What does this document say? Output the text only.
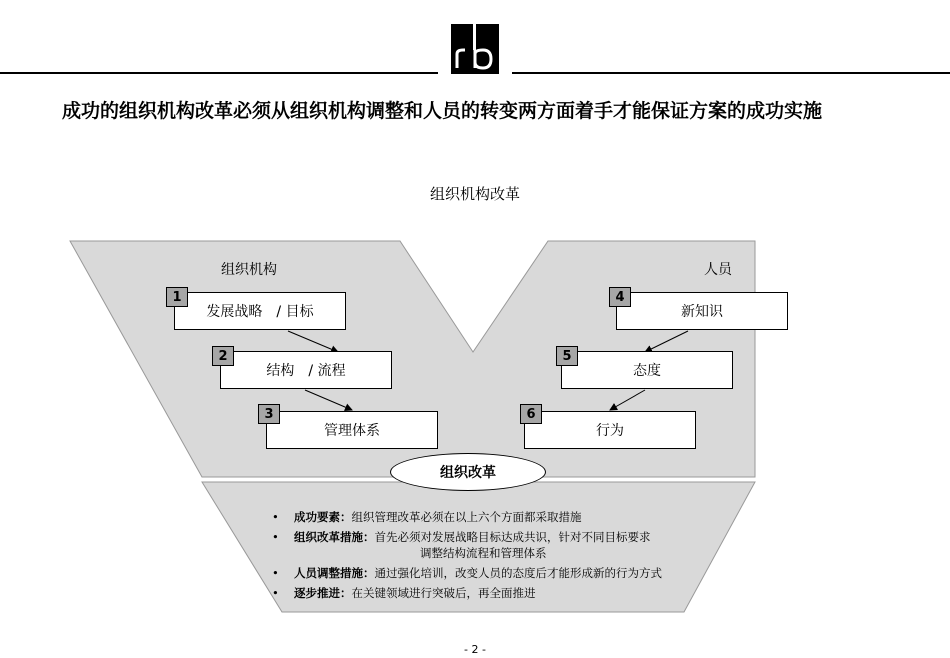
成功的组织机构改革必须从组织机构调整和人员的转变两方面着手才能保证方案的成功实施
组织机构改革
组织机构	人员
发展战略　/ 目标
1
结构　/ 流程
2
管理体系
3
新知识
4
态度
5
行为
6
组织改革
• 成功要素：组织管理改革必须在以上六个方面都采取措施
• 组织改革措施：首先必须对发展战略目标达成共识，针对不同目标要求
调整结构流程和管理体系
• 人员调整措施：通过强化培训，改变人员的态度后才能形成新的行为方式
• 逐步推进：在关键领域进行突破后，再全面推进
- 2 -
